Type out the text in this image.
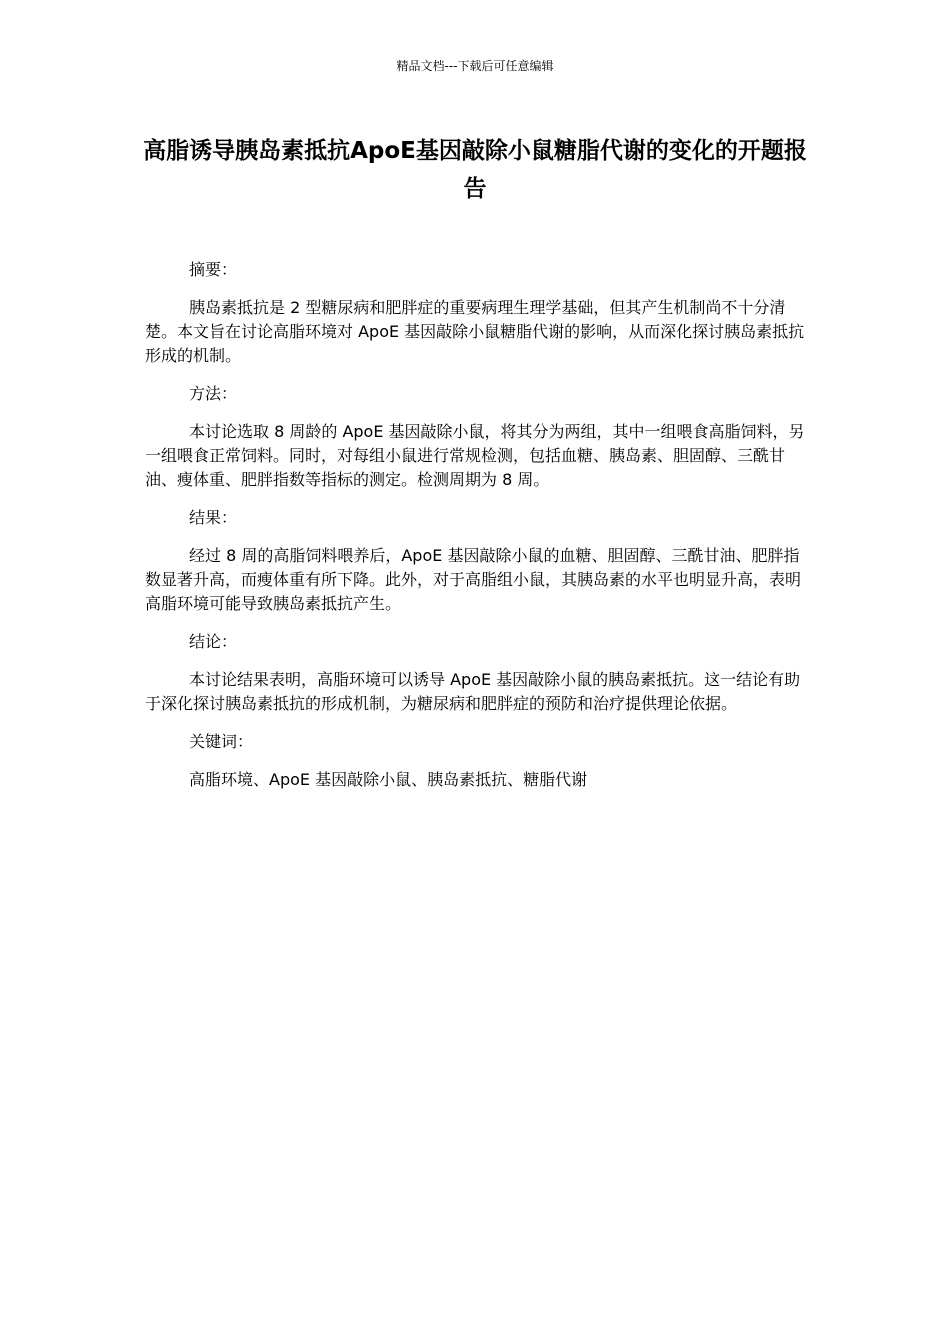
精品文档---下载后可任意编辑
高脂诱导胰岛素抵抗ApoE基因敲除小鼠糖脂代谢的变化的开题报告

摘要：

胰岛素抵抗是 2 型糖尿病和肥胖症的重要病理生理学基础，但其产生机制尚不十分清楚。本文旨在讨论高脂环境对 ApoE 基因敲除小鼠糖脂代谢的影响，从而深化探讨胰岛素抵抗形成的机制。

方法：

本讨论选取 8 周龄的 ApoE 基因敲除小鼠，将其分为两组，其中一组喂食高脂饲料，另一组喂食正常饲料。同时，对每组小鼠进行常规检测，包括血糖、胰岛素、胆固醇、三酰甘油、瘦体重、肥胖指数等指标的测定。检测周期为 8 周。

结果：

经过 8 周的高脂饲料喂养后，ApoE 基因敲除小鼠的血糖、胆固醇、三酰甘油、肥胖指数显著升高，而瘦体重有所下降。此外，对于高脂组小鼠，其胰岛素的水平也明显升高，表明高脂环境可能导致胰岛素抵抗产生。

结论：

本讨论结果表明，高脂环境可以诱导 ApoE 基因敲除小鼠的胰岛素抵抗。这一结论有助于深化探讨胰岛素抵抗的形成机制，为糖尿病和肥胖症的预防和治疗提供理论依据。

关键词：

高脂环境、ApoE 基因敲除小鼠、胰岛素抵抗、糖脂代谢
